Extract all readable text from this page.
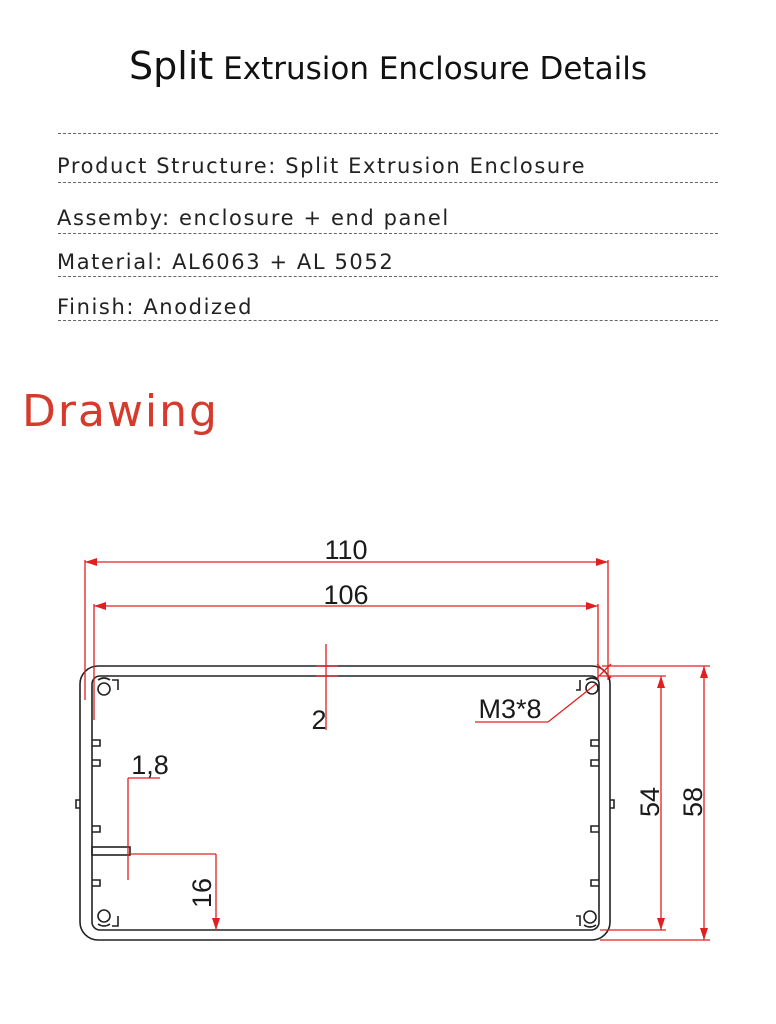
Split Extrusion Enclosure Details
Product Structure: Split Extrusion Enclosure
Assemby: enclosure + end panel
Material: AL6063 + AL 5052
Finish: Anodized
Drawing
110
106
2	M3*8
1,8
16
54 58
